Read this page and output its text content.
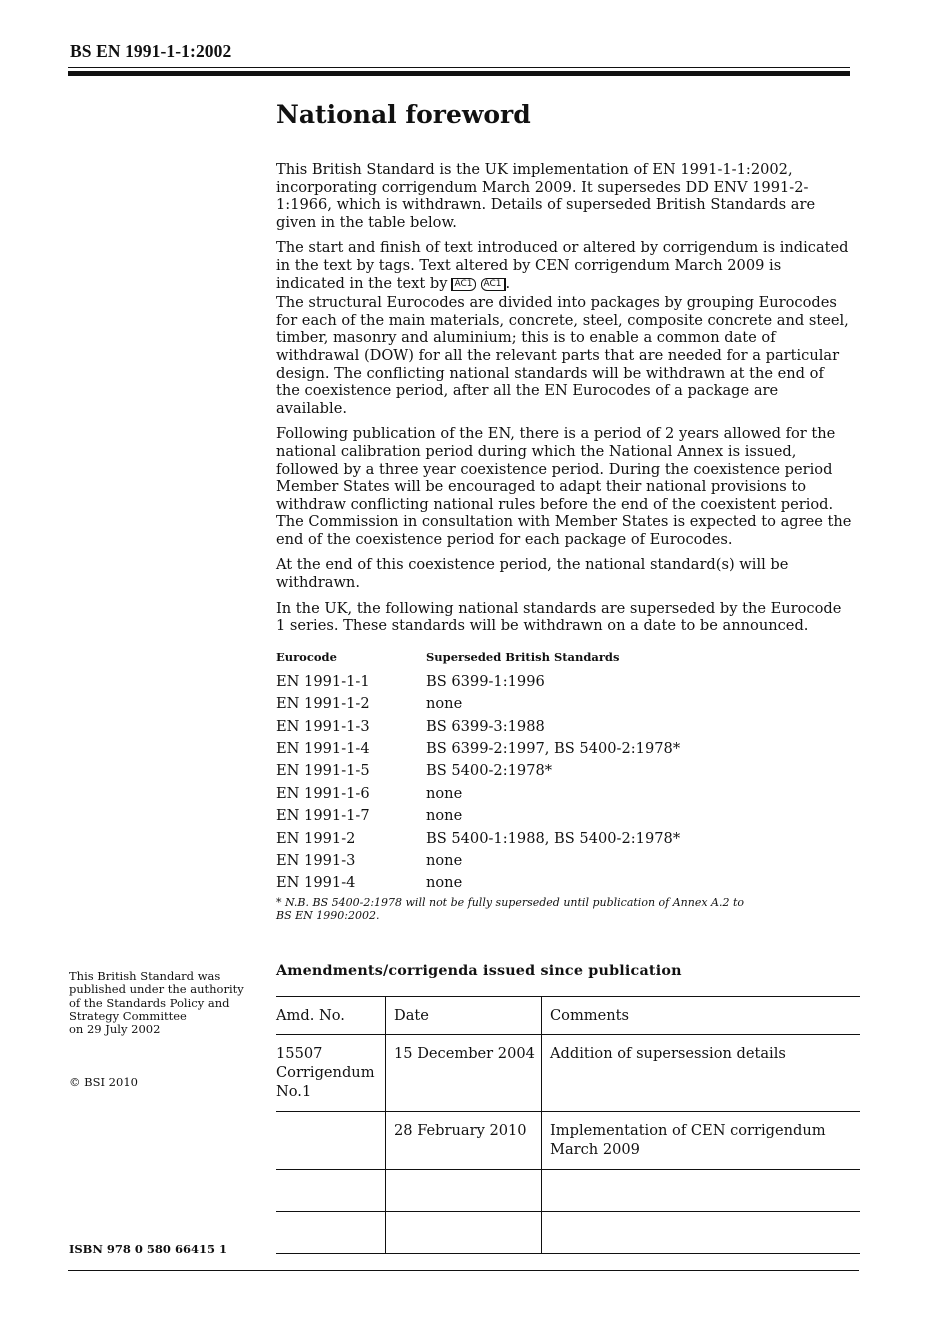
BS EN 1991-1-1:2002
National foreword

This British Standard is the UK implementation of EN 1991-1-1:2002, incorporating corrigendum March 2009. It supersedes DD ENV 1991-2-1:1966, which is withdrawn. Details of superseded British Standards are given in the table below.

The start and finish of text introduced or altered by corrigendum is indicated in the text by tags. Text altered by CEN corrigendum March 2009 is indicated in the text by AC1 AC1 .

The structural Eurocodes are divided into packages by grouping Eurocodes for each of the main materials, concrete, steel, composite concrete and steel, timber, masonry and aluminium; this is to enable a common date of withdrawal (DOW) for all the relevant parts that are needed for a particular design. The conflicting national standards will be withdrawn at the end of the coexistence period, after all the EN Eurocodes of a package are available.

Following publication of the EN, there is a period of 2 years allowed for the national calibration period during which the National Annex is issued, followed by a three year coexistence period. During the coexistence period Member States will be encouraged to adapt their national provisions to withdraw conflicting national rules before the end of the coexistent period. The Commission in consultation with Member States is expected to agree the end of the coexistence period for each package of Eurocodes.

At the end of this coexistence period, the national standard(s) will be withdrawn.

In the UK, the following national standards are superseded by the Eurocode 1 series. These standards will be withdrawn on a date to be announced.

Eurocode	Superseded British Standards
EN 1991-1-1	BS 6399-1:1996
EN 1991-1-2	none
EN 1991-1-3	BS 6399-3:1988
EN 1991-1-4	BS 6399-2:1997, BS 5400-2:1978*
EN 1991-1-5	BS 5400-2:1978*
EN 1991-1-6	none
EN 1991-1-7	none
EN 1991-2	BS 5400-1:1988, BS 5400-2:1978*
EN 1991-3	none
EN 1991-4	none
* N.B. BS 5400-2:1978 will not be fully superseded until publication of Annex A.2 to
BS EN 1990:2002.
This British Standard was
published under the authority
of the Standards Policy and
Strategy Committee
on 29 July 2002
© BSI 2010
ISBN 978 0 580 66415 1
Amendments/corrigenda issued since publication
Amd. No.	Date	Comments

15507
Corrigendum
No.1	15 December 2004	Addition of supersession details
	28 February 2010	Implementation of CEN corrigendum
March 2009
